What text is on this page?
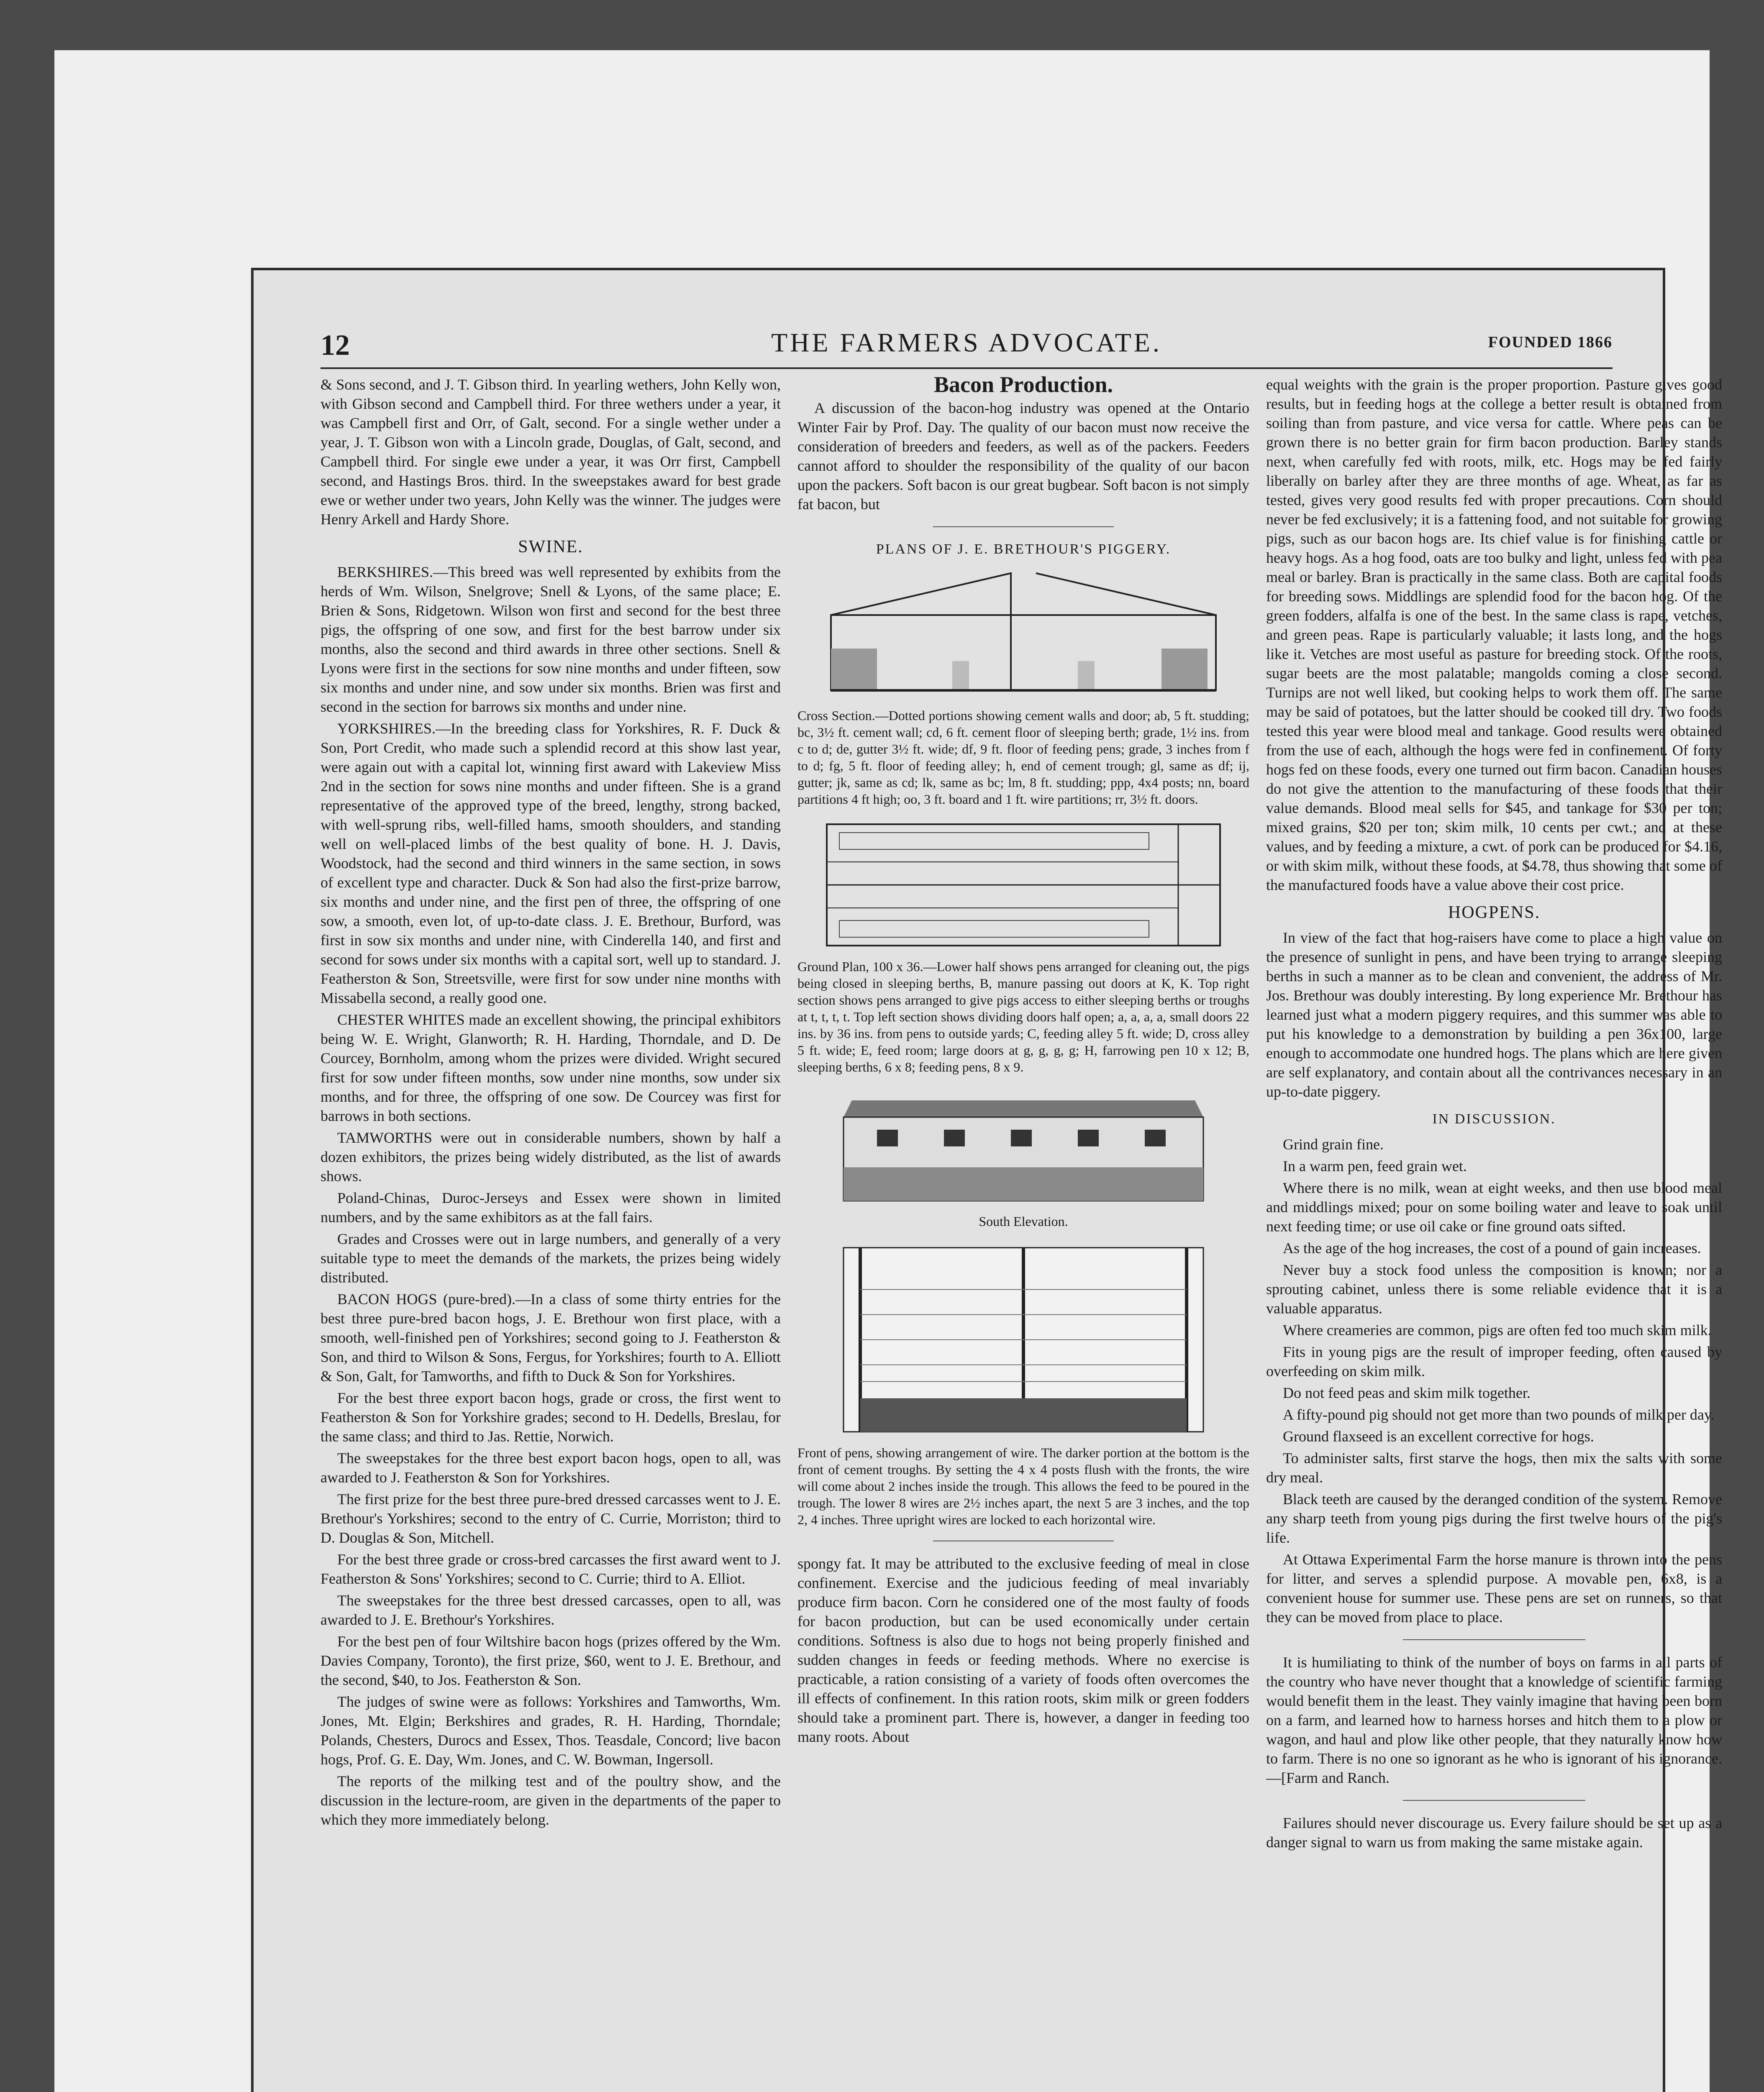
12	THE FARMERS ADVOCATE.	FOUNDED 1866

& Sons second, and J. T. Gibson third. In yearling wethers, John Kelly won, with Gibson second and Campbell third. For three wethers under a year, it was Campbell first and Orr, of Galt, second. For a single wether under a year, J. T. Gibson won with a Lincoln grade, Douglas, of Galt, second, and Campbell third. For single ewe under a year, it was Orr first, Campbell second, and Hastings Bros. third. In the sweepstakes award for best grade ewe or wether under two years, John Kelly was the winner. The judges were Henry Arkell and Hardy Shore.

SWINE.

BERKSHIRES.—This breed was well represented by exhibits from the herds of Wm. Wilson, Snelgrove; Snell & Lyons, of the same place; E. Brien & Sons, Ridgetown. Wilson won first and second for the best three pigs, the offspring of one sow, and first for the best barrow under six months, also the second and third awards in three other sections. Snell & Lyons were first in the sections for sow nine months and under fifteen, sow six months and under nine, and sow under six months. Brien was first and second in the section for barrows six months and under nine.

YORKSHIRES.—In the breeding class for Yorkshires, R. F. Duck & Son, Port Credit, who made such a splendid record at this show last year, were again out with a capital lot, winning first award with Lakeview Miss 2nd in the section for sows nine months and under fifteen. She is a grand representative of the approved type of the breed, lengthy, strong backed, with well-sprung ribs, well-filled hams, smooth shoulders, and standing well on well-placed limbs of the best quality of bone. H. J. Davis, Woodstock, had the second and third winners in the same section, in sows of excellent type and character. Duck & Son had also the first-prize barrow, six months and under nine, and the first pen of three, the offspring of one sow, a smooth, even lot, of up-to-date class. J. E. Brethour, Burford, was first in sow six months and under nine, with Cinderella 140, and first and second for sows under six months with a capital sort, well up to standard. J. Featherston & Son, Streetsville, were first for sow under nine months with Missabella second, a really good one.

CHESTER WHITES made an excellent showing, the principal exhibitors being W. E. Wright, Glanworth; R. H. Harding, Thorndale, and D. De Courcey, Bornholm, among whom the prizes were divided. Wright secured first for sow under fifteen months, sow under nine months, sow under six months, and for three, the offspring of one sow. De Courcey was first for barrows in both sections.

TAMWORTHS were out in considerable numbers, shown by half a dozen exhibitors, the prizes being widely distributed, as the list of awards shows.

Poland-Chinas, Duroc-Jerseys and Essex were shown in limited numbers, and by the same exhibitors as at the fall fairs.

Grades and Crosses were out in large numbers, and generally of a very suitable type to meet the demands of the markets, the prizes being widely distributed.

BACON HOGS (pure-bred).—In a class of some thirty entries for the best three pure-bred bacon hogs, J. E. Brethour won first place, with a smooth, well-finished pen of Yorkshires; second going to J. Featherston & Son, and third to Wilson & Sons, Fergus, for Yorkshires; fourth to A. Elliott & Son, Galt, for Tamworths, and fifth to Duck & Son for Yorkshires.

For the best three export bacon hogs, grade or cross, the first went to Featherston & Son for Yorkshire grades; second to H. Dedells, Breslau, for the same class; and third to Jas. Rettie, Norwich.

The sweepstakes for the three best export bacon hogs, open to all, was awarded to J. Featherston & Son for Yorkshires.

The first prize for the best three pure-bred dressed carcasses went to J. E. Brethour's Yorkshires; second to the entry of C. Currie, Morriston; third to D. Douglas & Son, Mitchell.

For the best three grade or cross-bred carcasses the first award went to J. Featherston & Sons' Yorkshires; second to C. Currie; third to A. Elliot.

The sweepstakes for the three best dressed carcasses, open to all, was awarded to J. E. Brethour's Yorkshires.

For the best pen of four Wiltshire bacon hogs (prizes offered by the Wm. Davies Company, Toronto), the first prize, $60, went to J. E. Brethour, and the second, $40, to Jos. Featherston & Son.

The judges of swine were as follows: Yorkshires and Tamworths, Wm. Jones, Mt. Elgin; Berkshires and grades, R. H. Harding, Thorndale; Polands, Chesters, Durocs and Essex, Thos. Teasdale, Concord; live bacon hogs, Prof. G. E. Day, Wm. Jones, and C. W. Bowman, Ingersoll.

The reports of the milking test and of the poultry show, and the discussion in the lecture-room, are given in the departments of the paper to which they more immediately belong.

Bacon Production.

A discussion of the bacon-hog industry was opened at the Ontario Winter Fair by Prof. Day. The quality of our bacon must now receive the consideration of breeders and feeders, as well as of the packers. Feeders cannot afford to shoulder the responsibility of the quality of our bacon upon the packers. Soft bacon is our great bugbear. Soft bacon is not simply fat bacon, but

PLANS OF J. E. BRETHOUR'S PIGGERY.
Cross Section.—Dotted portions showing cement walls and door; ab, 5 ft. studding; bc, 3½ ft. cement wall; cd, 6 ft. cement floor of sleeping berth; grade, 1½ ins. from c to d; de, gutter 3½ ft. wide; df, 9 ft. floor of feeding pens; grade, 3 inches from f to d; fg, 5 ft. floor of feeding alley; h, end of cement trough; gl, same as df; ij, gutter; jk, same as cd; lk, same as bc; lm, 8 ft. studding; ppp, 4x4 posts; nn, board partitions 4 ft high; oo, 3 ft. board and 1 ft. wire partitions; rr, 3½ ft. doors.
Ground Plan, 100 x 36.—Lower half shows pens arranged for cleaning out, the pigs being closed in sleeping berths, B, manure passing out doors at K, K. Top right section shows pens arranged to give pigs access to either sleeping berths or troughs at t, t, t, t. Top left section shows dividing doors half open; a, a, a, a, small doors 22 ins. by 36 ins. from pens to outside yards; C, feeding alley 5 ft. wide; D, cross alley 5 ft. wide; E, feed room; large doors at g, g, g, g; H, farrowing pen 10 x 12; B, sleeping berths, 6 x 8; feeding pens, 8 x 9.
South Elevation.
Front of pens, showing arrangement of wire. The darker portion at the bottom is the front of cement troughs. By setting the 4 x 4 posts flush with the fronts, the wire will come about 2 inches inside the trough. This allows the feed to be poured in the trough. The lower 8 wires are 2½ inches apart, the next 5 are 3 inches, and the top 2, 4 inches. Three upright wires are locked to each horizontal wire.

spongy fat. It may be attributed to the exclusive feeding of meal in close confinement. Exercise and the judicious feeding of meal invariably produce firm bacon. Corn he considered one of the most faulty of foods for bacon production, but can be used economically under certain conditions. Softness is also due to hogs not being properly finished and sudden changes in feeds or feeding methods. Where no exercise is practicable, a ration consisting of a variety of foods often overcomes the ill effects of confinement. In this ration roots, skim milk or green fodders should take a prominent part. There is, however, a danger in feeding too many roots. About

equal weights with the grain is the proper proportion. Pasture gives good results, but in feeding hogs at the college a better result is obtained from soiling than from pasture, and vice versa for cattle. Where peas can be grown there is no better grain for firm bacon production. Barley stands next, when carefully fed with roots, milk, etc. Hogs may be fed fairly liberally on barley after they are three months of age. Wheat, as far as tested, gives very good results fed with proper precautions. Corn should never be fed exclusively; it is a fattening food, and not suitable for growing pigs, such as our bacon hogs are. Its chief value is for finishing cattle or heavy hogs. As a hog food, oats are too bulky and light, unless fed with pea meal or barley. Bran is practically in the same class. Both are capital foods for breeding sows. Middlings are splendid food for the bacon hog. Of the green fodders, alfalfa is one of the best. In the same class is rape, vetches, and green peas. Rape is particularly valuable; it lasts long, and the hogs like it. Vetches are most useful as pasture for breeding stock. Of the roots, sugar beets are the most palatable; mangolds coming a close second. Turnips are not well liked, but cooking helps to work them off. The same may be said of potatoes, but the latter should be cooked till dry. Two foods tested this year were blood meal and tankage. Good results were obtained from the use of each, although the hogs were fed in confinement. Of forty hogs fed on these foods, every one turned out firm bacon. Canadian houses do not give the attention to the manufacturing of these foods that their value demands. Blood meal sells for $45, and tankage for $30 per ton; mixed grains, $20 per ton; skim milk, 10 cents per cwt.; and at these values, and by feeding a mixture, a cwt. of pork can be produced for $4.16, or with skim milk, without these foods, at $4.78, thus showing that some of the manufactured foods have a value above their cost price.

HOGPENS.

In view of the fact that hog-raisers have come to place a high value on the presence of sunlight in pens, and have been trying to arrange sleeping berths in such a manner as to be clean and convenient, the address of Mr. Jos. Brethour was doubly interesting. By long experience Mr. Brethour has learned just what a modern piggery requires, and this summer was able to put his knowledge to a demonstration by building a pen 36x100, large enough to accommodate one hundred hogs. The plans which are here given are self explanatory, and contain about all the contrivances necessary in an up-to-date piggery.

IN DISCUSSION.

Grind grain fine.

In a warm pen, feed grain wet.

Where there is no milk, wean at eight weeks, and then use blood meal and middlings mixed; pour on some boiling water and leave to soak until next feeding time; or use oil cake or fine ground oats sifted.

As the age of the hog increases, the cost of a pound of gain increases.

Never buy a stock food unless the composition is known; nor a sprouting cabinet, unless there is some reliable evidence that it is a valuable apparatus.

Where creameries are common, pigs are often fed too much skim milk.

Fits in young pigs are the result of improper feeding, often caused by overfeeding on skim milk.

Do not feed peas and skim milk together.

A fifty-pound pig should not get more than two pounds of milk per day.

Ground flaxseed is an excellent corrective for hogs.

To administer salts, first starve the hogs, then mix the salts with some dry meal.

Black teeth are caused by the deranged condition of the system. Remove any sharp teeth from young pigs during the first twelve hours of the pig's life.

At Ottawa Experimental Farm the horse manure is thrown into the pens for litter, and serves a splendid purpose. A movable pen, 6x8, is a convenient house for summer use. These pens are set on runners, so that they can be moved from place to place.

It is humiliating to think of the number of boys on farms in all parts of the country who have never thought that a knowledge of scientific farming would benefit them in the least. They vainly imagine that having been born on a farm, and learned how to harness horses and hitch them to a plow or wagon, and haul and plow like other people, that they naturally know how to farm. There is no one so ignorant as he who is ignorant of his ignorance.—[Farm and Ranch.

Failures should never discourage us. Every failure should be set up as a danger signal to warn us from making the same mistake again.
